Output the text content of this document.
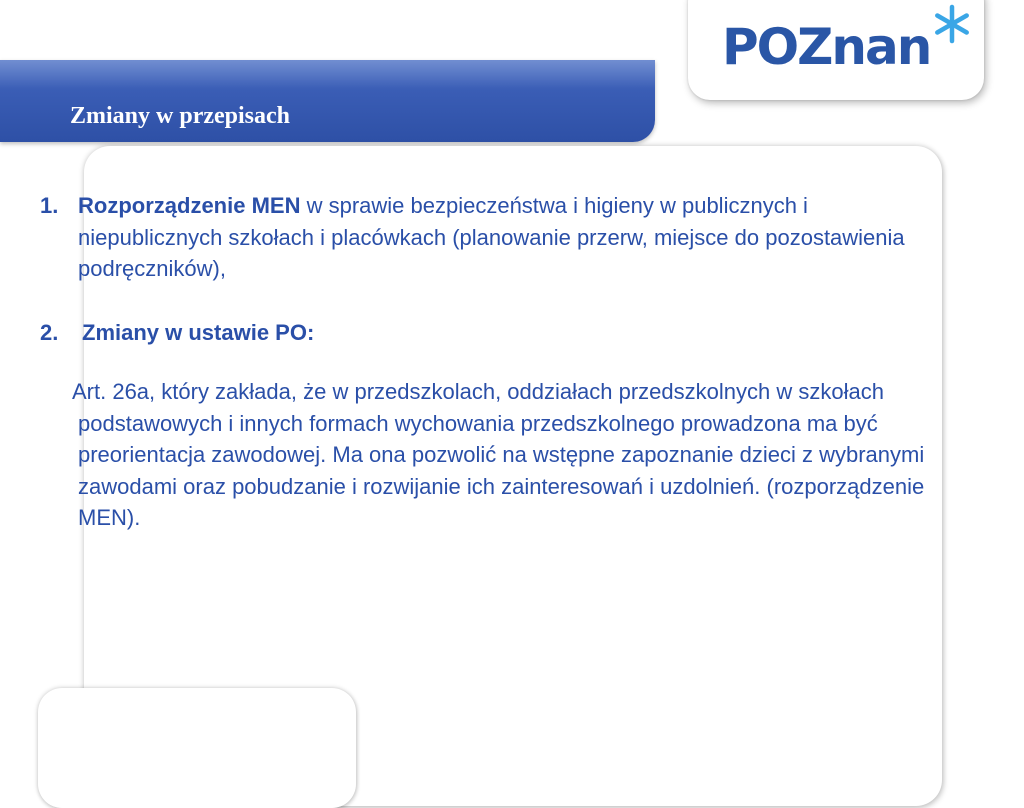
POZnan
Zmiany w przepisach
1. Rozporządzenie MEN w sprawie bezpieczeństwa i higieny w publicznych i niepublicznych szkołach i placówkach (planowanie przerw, miejsce do pozostawienia podręczników),
2.	Zmiany w ustawie PO:
Art. 26a, który zakłada, że w przedszkolach, oddziałach przedszkolnych w szkołach podstawowych i innych formach wychowania przedszkolnego prowadzona ma być preorientacja zawodowej. Ma ona pozwolić na wstępne zapoznanie dzieci z wybranymi zawodami oraz pobudzanie i rozwijanie ich zainteresowań i uzdolnień. (rozporządzenie MEN).
